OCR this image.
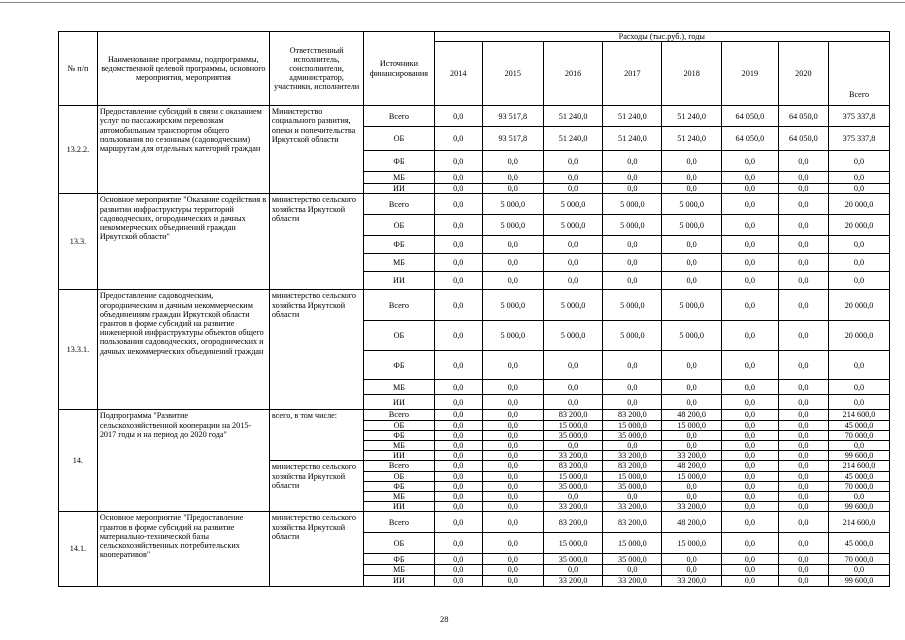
№ п/п	Наименование программы, подпрограммы, ведомственной целевой программы, основного мероприятия, мероприятия	Ответственный исполнитель, соисполнители, администратор, участники, исполнители	Источники финансирования	Расходы (тыс.руб.), годы							
				2014	2015	2016	2017	2018	2019	2020	Всего
13.2.2.	Предоставление субсидий в связи с оказанием услуг по пассажирским перевозкам автомобильным транспортом общего пользования по сезонным (садоводческим) маршрутам для отдельных категорий граждан	Министерство социального развития, опеки и попечительства Иркутской области	Всего	0,0	93 517,8	51 240,0	51 240,0	51 240,0	64 050,0	64 050,0	375 337,8
			ОБ	0,0	93 517,8	51 240,0	51 240,0	51 240,0	64 050,0	64 050,0	375 337,8
			ФБ	0,0	0,0	0,0	0,0	0,0	0,0	0,0	0,0
			МБ	0,0	0,0	0,0	0,0	0,0	0,0	0,0	0,0
			ИИ	0,0	0,0	0,0	0,0	0,0	0,0	0,0	0,0
13.3.	Основное мероприятие "Оказание содействия в развитии инфраструктуры территорий садоводческих, огороднических и дачных некоммерческих объединений граждан Иркутской области"	министерство сельского хозяйства Иркутской области	Всего	0,0	5 000,0	5 000,0	5 000,0	5 000,0	0,0	0,0	20 000,0
			ОБ	0,0	5 000,0	5 000,0	5 000,0	5 000,0	0,0	0,0	20 000,0
			ФБ	0,0	0,0	0,0	0,0	0,0	0,0	0,0	0,0
			МБ	0,0	0,0	0,0	0,0	0,0	0,0	0,0	0,0
			ИИ	0,0	0,0	0,0	0,0	0,0	0,0	0,0	0,0
13.3.1.	Предоставление садоводческим, огородническим и дачным некоммерческим объединениям граждан Иркутской области грантов в форме субсидий на развитие инженерной инфраструктуры объектов общего пользования садоводческих, огороднических и дачных некоммерческих объединений граждан	министерство сельского хозяйства Иркутской области	Всего	0,0	5 000,0	5 000,0	5 000,0	5 000,0	0,0	0,0	20 000,0
			ОБ	0,0	5 000,0	5 000,0	5 000,0	5 000,0	0,0	0,0	20 000,0
			ФБ	0,0	0,0	0,0	0,0	0,0	0,0	0,0	0,0
			МБ	0,0	0,0	0,0	0,0	0,0	0,0	0,0	0,0
			ИИ	0,0	0,0	0,0	0,0	0,0	0,0	0,0	0,0
14.	Подпрограмма "Развитие сельскохозяйственной кооперации на 2015-2017 годы и на период до 2020 года"	всего, в том числе:	Всего	0,0	0,0	83 200,0	83 200,0	48 200,0	0,0	0,0	214 600,0
			ОБ	0,0	0,0	15 000,0	15 000,0	15 000,0	0,0	0,0	45 000,0
			ФБ	0,0	0,0	35 000,0	35 000,0	0,0	0,0	0,0	70 000,0
			МБ	0,0	0,0	0,0	0,0	0,0	0,0	0,0	0,0
			ИИ	0,0	0,0	33 200,0	33 200,0	33 200,0	0,0	0,0	99 600,0
		министерство сельского хозяйства Иркутской области	Всего	0,0	0,0	83 200,0	83 200,0	48 200,0	0,0	0,0	214 600,0
			ОБ	0,0	0,0	15 000,0	15 000,0	15 000,0	0,0	0,0	45 000,0
			ФБ	0,0	0,0	35 000,0	35 000,0	0,0	0,0	0,0	70 000,0
			МБ	0,0	0,0	0,0	0,0	0,0	0,0	0,0	0,0
			ИИ	0,0	0,0	33 200,0	33 200,0	33 200,0	0,0	0,0	99 600,0
14.1.	Основное мероприятие "Предоставление грантов в форме субсидий на развитие материально-технической базы сельскохозяйственных потребительских кооперативов"	министерство сельского хозяйства Иркутской области	Всего	0,0	0,0	83 200,0	83 200,0	48 200,0	0,0	0,0	214 600,0
			ОБ	0,0	0,0	15 000,0	15 000,0	15 000,0	0,0	0,0	45 000,0
			ФБ	0,0	0,0	35 000,0	35 000,0	0,0	0,0	0,0	70 000,0
			МБ	0,0	0,0	0,0	0,0	0,0	0,0	0,0	0,0
			ИИ	0,0	0,0	33 200,0	33 200,0	33 200,0	0,0	0,0	99 600,0
28
